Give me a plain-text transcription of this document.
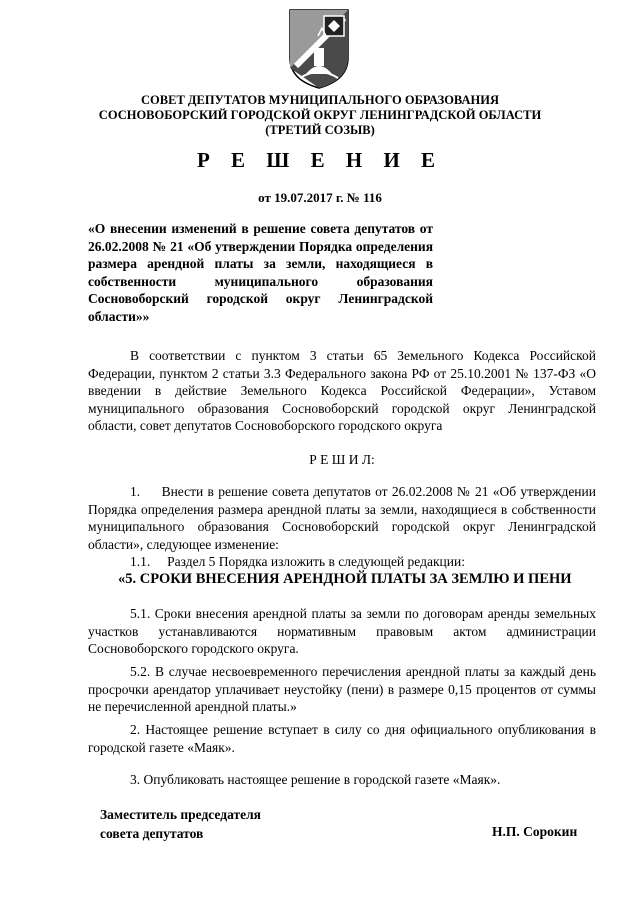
СОВЕТ ДЕПУТАТОВ МУНИЦИПАЛЬНОГО ОБРАЗОВАНИЯ
СОСНОВОБОРСКИЙ ГОРОДСКОЙ ОКРУГ ЛЕНИНГРАДСКОЙ ОБЛАСТИ
(ТРЕТИЙ СОЗЫВ)
Р Е Ш Е Н И Е
от 19.07.2017 г. № 116
«О внесении изменений в решение совета депутатов от 26.02.2008 № 21 «Об утверждении Порядка определения размера арендной платы за земли, находящиеся в собственности муниципального образования Сосновоборский городской округ Ленинградской области»»
В соответствии с пунктом 3 статьи 65 Земельного Кодекса Российской Федерации, пунктом 2 статьи 3.3 Федерального закона РФ от 25.10.2001 № 137-ФЗ «О введении в действие Земельного Кодекса Российской Федерации», Уставом муниципального образования Сосновоборский городской округ Ленинградской области, совет депутатов Сосновоборского городского округа
Р Е Ш И Л:
1.     Внести в решение совета депутатов от 26.02.2008 № 21 «Об утверждении Порядка определения размера арендной платы за земли, находящиеся в собственности муниципального образования Сосновоборский городской округ Ленинградской области», следующее изменение:
1.1.     Раздел 5 Порядка изложить в следующей редакции:
«5. СРОКИ ВНЕСЕНИЯ АРЕНДНОЙ ПЛАТЫ ЗА ЗЕМЛЮ И ПЕНИ
5.1. Сроки внесения арендной платы за земли по договорам аренды земельных участков устанавливаются нормативным правовым актом администрации Сосновоборского городского округа.
5.2. В случае несвоевременного перечисления арендной платы за каждый день просрочки арендатор уплачивает неустойку (пени) в размере 0,15 процентов от суммы не перечисленной арендной платы.»
2. Настоящее решение вступает в силу со дня официального опубликования в городской газете «Маяк».
3. Опубликовать настоящее решение в городской газете «Маяк».
Заместитель председателя
совета депутатов	Н.П. Сорокин
